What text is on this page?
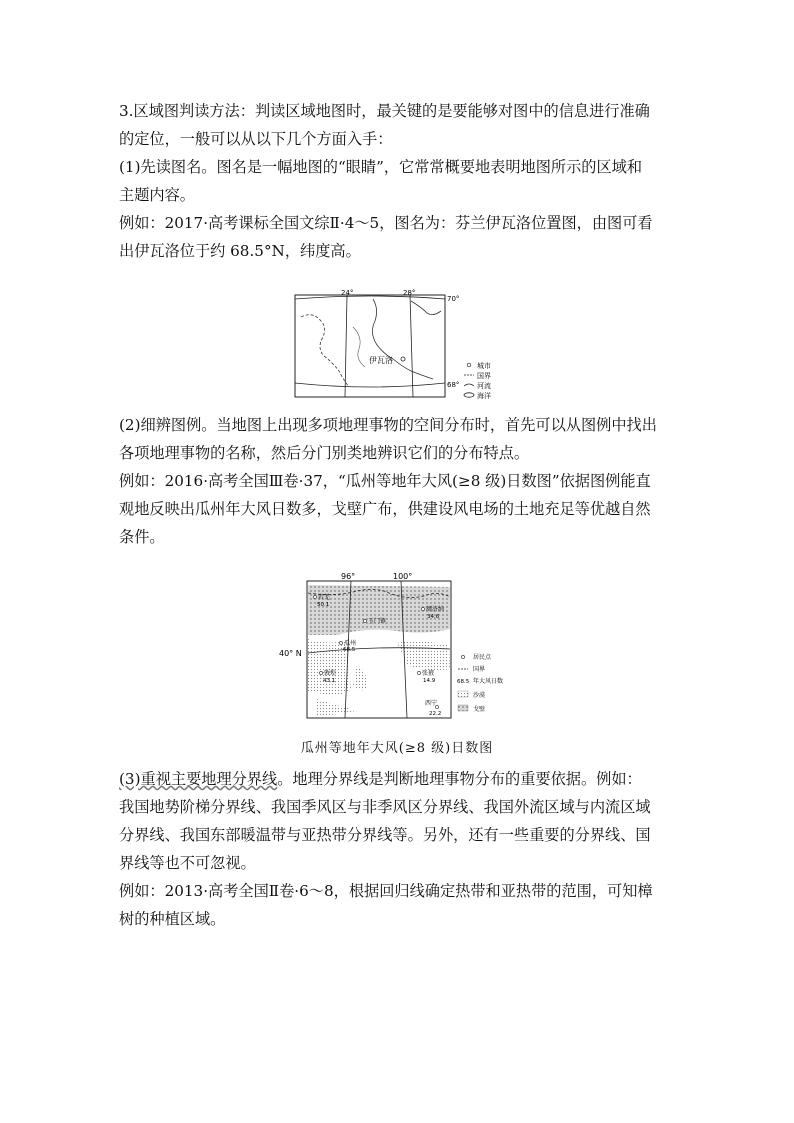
3.区域图判读方法：判读区域地图时，最关键的是要能够对图中的信息进行准确

的定位，一般可以从以下几个方面入手：

(1)先读图名。图名是一幅地图的“眼睛”，它常常概要地表明地图所示的区域和

主题内容。

例如：2017·高考课标全国文综Ⅱ·4～5，图名为：芬兰伊瓦洛位置图，由图可看

出伊瓦洛位于约 68.5°N，纬度高。

伊瓦洛
24°	28°
70°
68°
城市
国界
河流
海洋

(2)细辨图例。当地图上出现多项地理事物的空间分布时，首先可以从图例中找出

各项地理事物的名称，然后分门别类地辨识它们的分布特点。

例如：2016·高考全国Ⅲ卷·37，“瓜州等地年大风(≥8 级)日数图”依据图例能直

观地反映出瓜州年大风日数多，戈壁广布，供建设风电场的土地充足等优越自然

条件。

96°	100°
40° N
若羌
50.1
额济纳
34.6
玉门镇
瓜州
68.5
敦煌
43.1
张掖
14.9
西宁
22.2
居民点
国界
68.5 年大风日数
沙漠
戈壁
瓜州等地年大风(≥8 级)日数图

(3)重视主要地理分界线。地理分界线是判断地理事物分布的重要依据。例如：

我国地势阶梯分界线、我国季风区与非季风区分界线、我国外流区域与内流区域

分界线、我国东部暖温带与亚热带分界线等。另外，还有一些重要的分界线、国

界线等也不可忽视。

例如：2013·高考全国Ⅱ卷·6～8，根据回归线确定热带和亚热带的范围，可知樟

树的种植区域。
